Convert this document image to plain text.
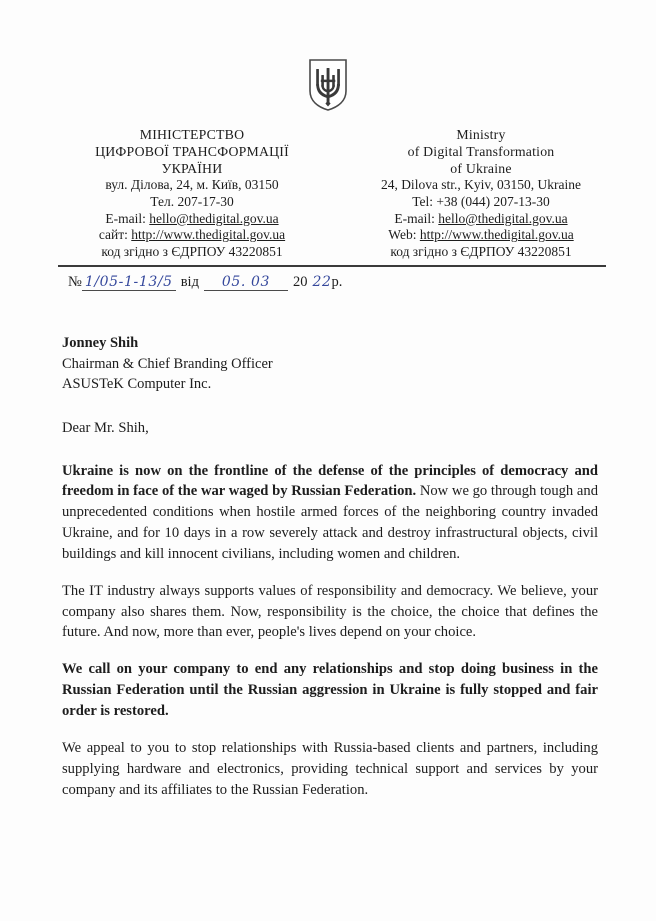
МІНІСТЕРСТВО
ЦИФРОВОЇ ТРАНСФОРМАЦІЇ
УКРАЇНИ
вул. Ділова, 24, м. Київ, 03150
Тел. 207-17-30
E-mail: hello@thedigital.gov.ua
сайт: http://www.thedigital.gov.ua
код згідно з ЄДРПОУ 43220851
Ministry
of Digital Transformation
of Ukraine
24, Dilova str., Kyiv, 03150, Ukraine
Tel: +38 (044) 207-13-30
E-mail: hello@thedigital.gov.ua
Web: http://www.thedigital.gov.ua
код згідно з ЄДРПОУ 43220851
№ 1/05-1-13/5 від	05. 03	20 22 р.
Jonney Shih
Chairman & Chief Branding Officer
ASUSTeK Computer Inc.

Dear Mr. Shih,

Ukraine is now on the frontline of the defense of the principles of democracy and freedom in face of the war waged by Russian Federation. Now we go through tough and unprecedented conditions when hostile armed forces of the neighboring country invaded Ukraine, and for 10 days in a row severely attack and destroy infrastructural objects, civil buildings and kill innocent civilians, including women and children.

The IT industry always supports values of responsibility and democracy. We believe, your company also shares them. Now, responsibility is the choice, the choice that defines the future. And now, more than ever, people's lives depend on your choice.

We call on your company to end any relationships and stop doing business in the Russian Federation until the Russian aggression in Ukraine is fully stopped and fair order is restored.

We appeal to you to stop relationships with Russia-based clients and partners, including supplying hardware and electronics, providing technical support and services by your company and its affiliates to the Russian Federation.
